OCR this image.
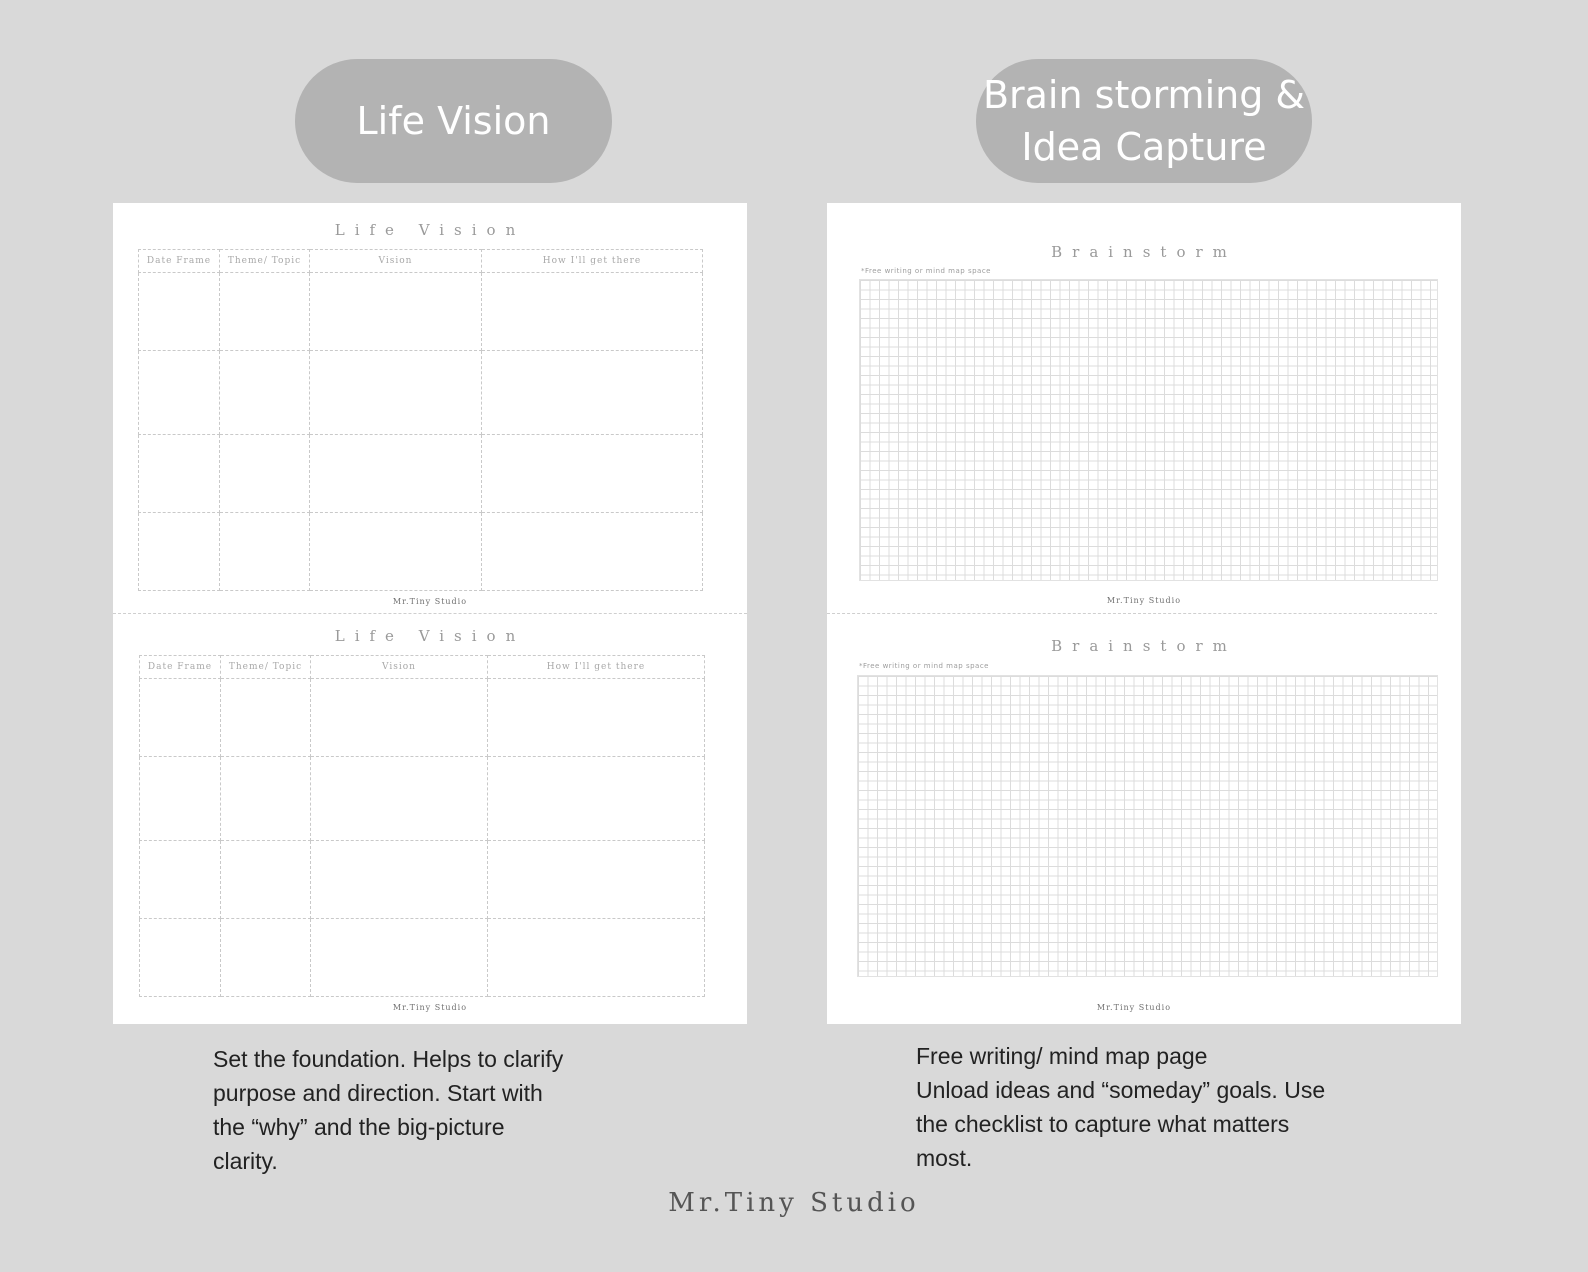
Life Vision
Brain storming &
Idea Capture
Life Vision
Date Frame	Theme/ Topic	Vision	How I'll get there

Mr.Tiny Studio
Life Vision
Date Frame	Theme/ Topic	Vision	How I'll get there

Mr.Tiny Studio
Brainstorm
*Free writing or mind map space
Mr.Tiny Studio
Brainstorm
*Free writing or mind map space
Mr.Tiny Studio
Set the foundation. Helps to clarify
purpose and direction. Start with
the “why” and the big-picture
clarity.
Free writing/ mind map page
Unload ideas and “someday” goals. Use
the checklist to capture what matters
most.
Mr.Tiny Studio
